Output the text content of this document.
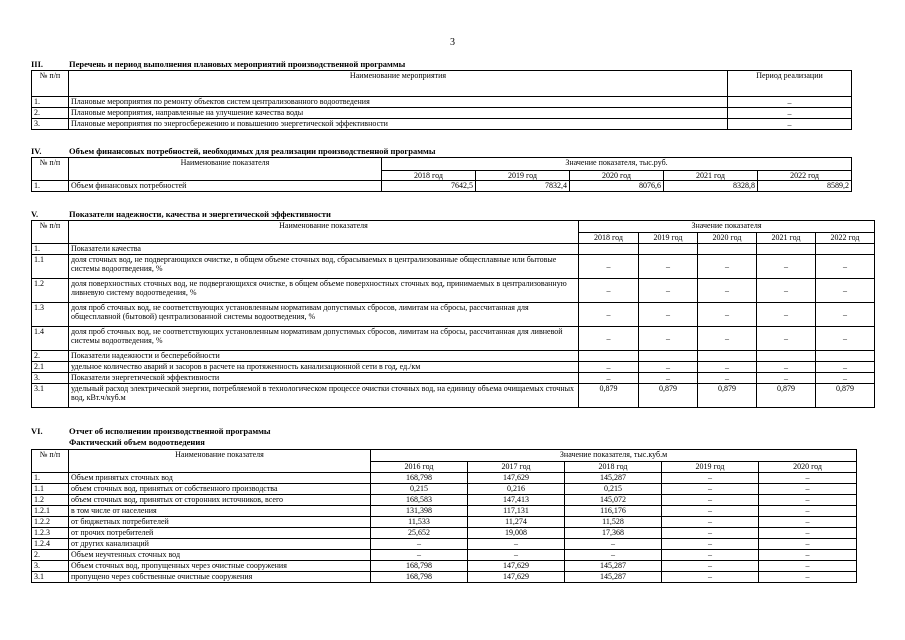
3
III.	Перечень и период выполнения плановых мероприятий производственной программы
№ п/п	Наименование мероприятия	Период реализации
1.	Плановые мероприятия по ремонту объектов систем централизованного водоотведения	–
2.	Плановые мероприятия, направленные на улучшение качества воды	–
3.	Плановые мероприятия по энергосбережению и повышению энергетической эффективности	–
IV.	Объем финансовых потребностей, необходимых для реализации производственной программы
№ п/п	Наименование показателя	Значение показателя, тыс.руб.				
		2018 год	2019 год	2020 год	2021 год	2022 год
1.	Объем финансовых потребностей	7642,5	7832,4	8076,6	8328,8	8589,2
V.	Показатели надежности, качества и энергетической эффективности
№ п/п	Наименование показателя	Значение показателя				
		2018 год	2019 год	2020 год	2021 год	2022 год
1.	Показатели качества					
1.1	доля сточных вод, не подвергающихся очистке, в общем объеме сточных вод, сбрасываемых в централизованные общесплавные или бытовые системы водоотведения, %	–	–	–	–	–
1.2	доля поверхностных сточных вод, не подвергающихся очистке, в общем объеме поверхностных сточных вод, принимаемых в централизованную ливневую систему водоотведения, %	–	–	–	–	–
1.3	доля проб сточных вод, не соответствующих установленным нормативам допустимых сбросов, лимитам на сбросы, рассчитанная для общесплавной (бытовой) централизованной системы водоотведения, %	–	–	–	–	–
1.4	доля проб сточных вод, не соответствующих установленным нормативам допустимых сбросов, лимитам на сбросы, рассчитанная для ливневой системы водоотведения, %	–	–	–	–	–
2.	Показатели надежности и бесперебойности					
2.1	удельное количество аварий и засоров в расчете на протяженность канализационной сети в год, ед./км	–	–	–	–	–
3.	Показатели энергетической эффективности	–	–	–	–	–
3.1	удельный расход электрической энергии, потребляемой в технологическом процессе очистки сточных вод, на единицу объема очищаемых сточных вод, кВт.ч/куб.м	0,879	0,879	0,879	0,879	0,879
VI.	Отчет об исполнении производственной программы
Фактический объем водоотведения
№ п/п	Наименование показателя	Значение показателя, тыс.куб.м				
		2016 год	2017 год	2018 год	2019 год	2020 год
1.	Объем принятых сточных вод	168,798	147,629	145,287	–	–
1.1	объем сточных вод, принятых от собственного производства	0,215	0,216	0,215	–	–
1.2	объем сточных вод, принятых от сторонних источников, всего	168,583	147,413	145,072	–	–
1.2.1	в том числе от населения	131,398	117,131	116,176	–	–
1.2.2	от бюджетных потребителей	11,533	11,274	11,528	–	–
1.2.3	от прочих потребителей	25,652	19,008	17,368	–	–
1.2.4	от других канализаций	–	–	–	–	–
2.	Объем неучтенных сточных вод	–	–	–	–	–
3.	Объем сточных вод, пропущенных через очистные сооружения	168,798	147,629	145,287	–	–
3.1	пропущено через собственные очистные сооружения	168,798	147,629	145,287	–	–
